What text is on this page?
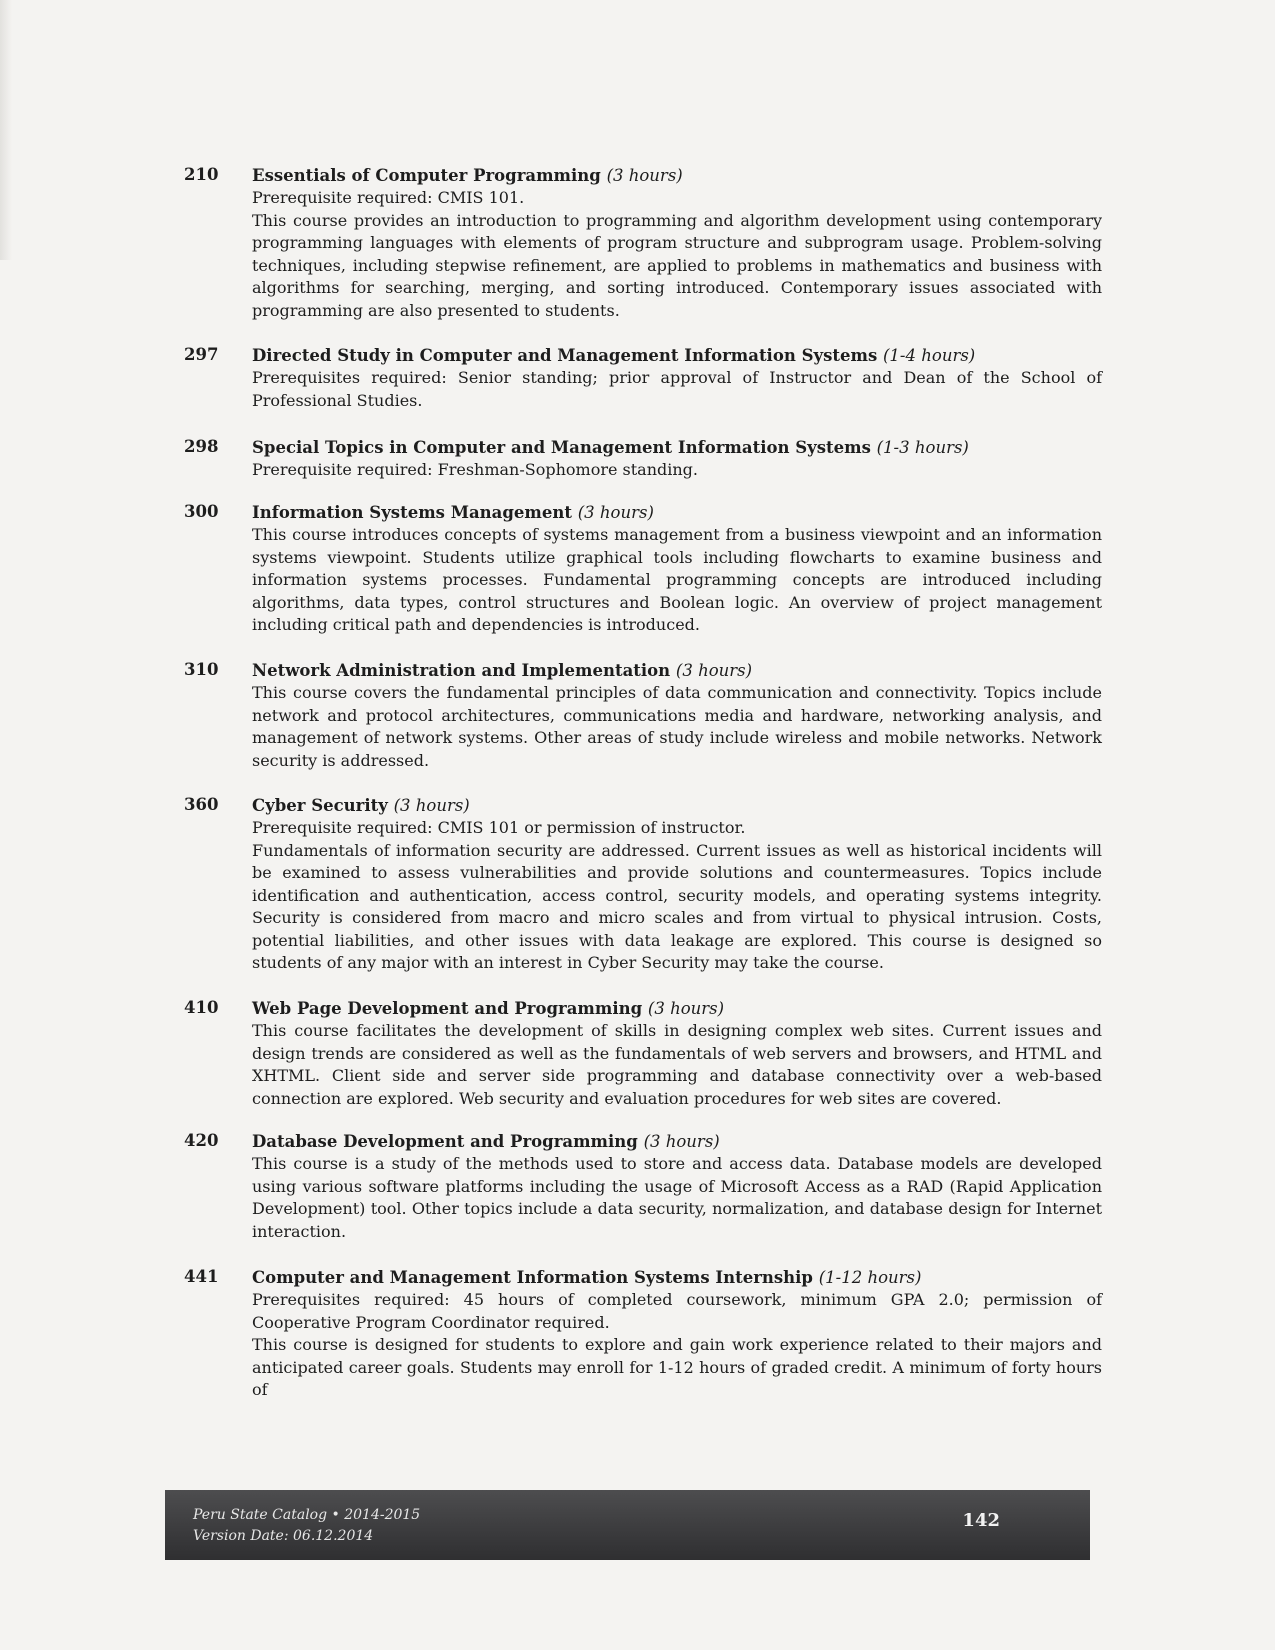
210 Essentials of Computer Programming (3 hours)

Prerequisite required: CMIS 101.

This course provides an introduction to programming and algorithm development using contemporary programming languages with elements of program structure and subprogram usage. Problem-solving techniques, including stepwise refinement, are applied to problems in mathematics and business with algorithms for searching, merging, and sorting introduced. Contemporary issues associated with programming are also presented to students.

297 Directed Study in Computer and Management Information Systems (1-4 hours)

Prerequisites required: Senior standing; prior approval of Instructor and Dean of the School of Professional Studies.

298 Special Topics in Computer and Management Information Systems (1-3 hours)

Prerequisite required: Freshman-Sophomore standing.

300 Information Systems Management (3 hours)

This course introduces concepts of systems management from a business viewpoint and an information systems viewpoint. Students utilize graphical tools including flowcharts to examine business and information systems processes. Fundamental programming concepts are introduced including algorithms, data types, control structures and Boolean logic. An overview of project management including critical path and dependencies is introduced.

310 Network Administration and Implementation (3 hours)

This course covers the fundamental principles of data communication and connectivity. Topics include network and protocol architectures, communications media and hardware, networking analysis, and management of network systems. Other areas of study include wireless and mobile networks. Network security is addressed.

360 Cyber Security (3 hours)

Prerequisite required: CMIS 101 or permission of instructor.

Fundamentals of information security are addressed. Current issues as well as historical incidents will be examined to assess vulnerabilities and provide solutions and countermeasures. Topics include identification and authentication, access control, security models, and operating systems integrity. Security is considered from macro and micro scales and from virtual to physical intrusion. Costs, potential liabilities, and other issues with data leakage are explored. This course is designed so students of any major with an interest in Cyber Security may take the course.

410 Web Page Development and Programming (3 hours)

This course facilitates the development of skills in designing complex web sites. Current issues and design trends are considered as well as the fundamentals of web servers and browsers, and HTML and XHTML. Client side and server side programming and database connectivity over a web-based connection are explored. Web security and evaluation procedures for web sites are covered.

420 Database Development and Programming (3 hours)

This course is a study of the methods used to store and access data. Database models are developed using various software platforms including the usage of Microsoft Access as a RAD (Rapid Application Development) tool. Other topics include a data security, normalization, and database design for Internet interaction.

441 Computer and Management Information Systems Internship (1-12 hours)

Prerequisites required: 45 hours of completed coursework, minimum GPA 2.0; permission of Cooperative Program Coordinator required.

This course is designed for students to explore and gain work experience related to their majors and anticipated career goals. Students may enroll for 1-12 hours of graded credit. A minimum of forty hours of

Peru State Catalog • 2014-2015
Version Date: 06.12.2014
142
